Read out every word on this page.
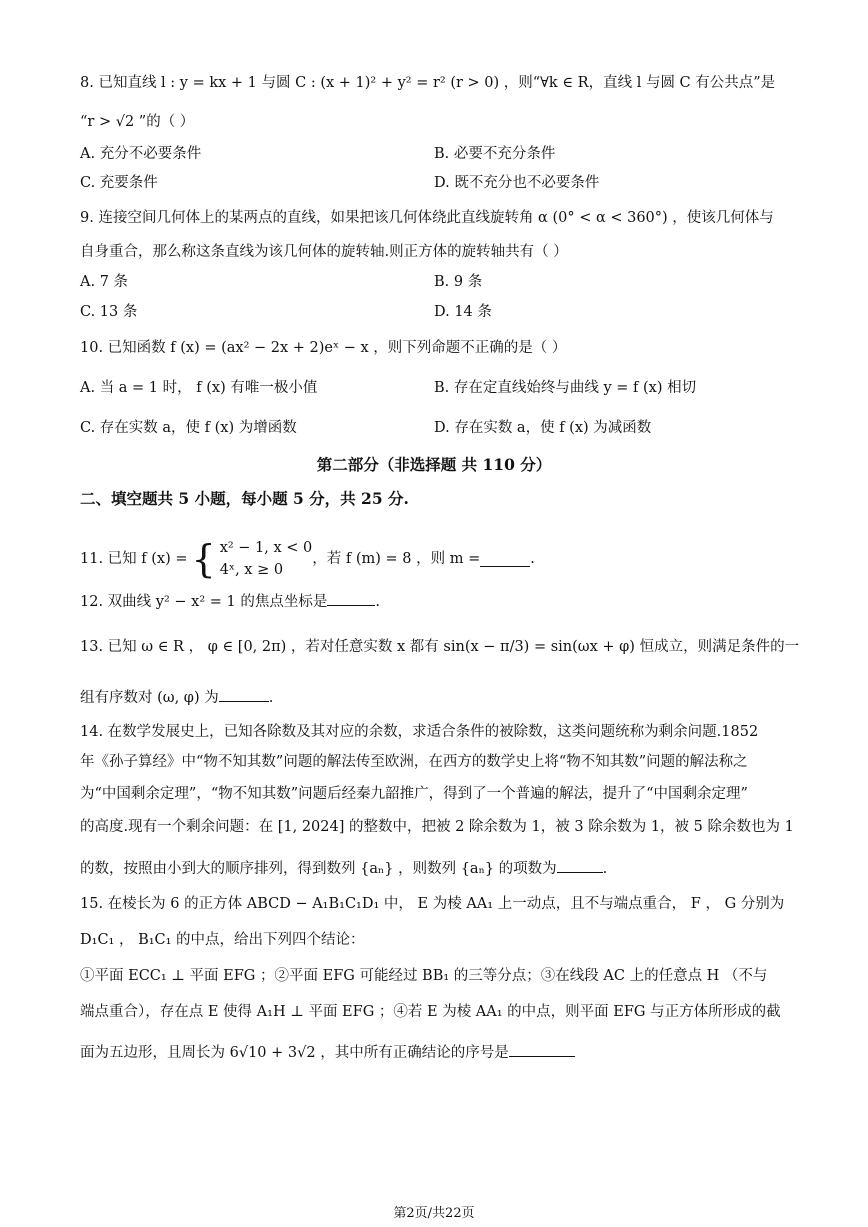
8. 已知直线 l : y = kx + 1 与圆 C : (x + 1)² + y² = r² (r > 0) ，则“∀k ∈ R，直线 l 与圆 C 有公共点”是
“r > √2 ”的（ ）
A. 充分不必要条件	B. 必要不充分条件
C. 充要条件	D. 既不充分也不必要条件
9. 连接空间几何体上的某两点的直线，如果把该几何体绕此直线旋转角 α (0° < α < 360°) ，使该几何体与
自身重合，那么称这条直线为该几何体的旋转轴.则正方体的旋转轴共有（ ）
A. 7 条	B. 9 条
C. 13 条	D. 14 条
10. 已知函数 f (x) = (ax² − 2x + 2)eˣ − x ，则下列命题不正确的是（ ）
A. 当 a = 1 时， f (x) 有唯一极小值	B. 存在定直线始终与曲线 y = f (x) 相切
C. 存在实数 a，使 f (x) 为增函数	D. 存在实数 a，使 f (x) 为减函数
第二部分（非选择题 共 110 分）
二、填空题共 5 小题，每小题 5 分，共 25 分.
11. 已知 f (x) = { x² − 1, x < 0
4ˣ, x ≥ 0
，若 f (m) = 8 ，则 m =	.
12. 双曲线 y² − x² = 1 的焦点坐标是	.
13. 已知 ω ∈ R ， φ ∈ [0, 2π) ，若对任意实数 x 都有 sin(x − π/3) = sin(ωx + φ) 恒成立，则满足条件的一
组有序数对 (ω, φ) 为	.
14. 在数学发展史上，已知各除数及其对应的余数，求适合条件的被除数，这类问题统称为剩余问题.1852
年《孙子算经》中“物不知其数”问题的解法传至欧洲，在西方的数学史上将“物不知其数”问题的解法称之
为“中国剩余定理”，“物不知其数”问题后经秦九韶推广，得到了一个普遍的解法，提升了“中国剩余定理”
的高度.现有一个剩余问题：在 [1, 2024] 的整数中，把被 2 除余数为 1，被 3 除余数为 1，被 5 除余数也为 1
的数，按照由小到大的顺序排列，得到数列 {aₙ} ，则数列 {aₙ} 的项数为	.
15. 在棱长为 6 的正方体 ABCD − A₁B₁C₁D₁ 中， E 为棱 AA₁ 上一动点，且不与端点重合， F ， G 分别为
D₁C₁ ， B₁C₁ 的中点，给出下列四个结论：
①平面 ECC₁ ⊥ 平面 EFG ；②平面 EFG 可能经过 BB₁ 的三等分点；③在线段 AC 上的任意点 H （不与
端点重合），存在点 E 使得 A₁H ⊥ 平面 EFG ；④若 E 为棱 AA₁ 的中点，则平面 EFG 与正方体所形成的截
面为五边形，且周长为 6√10 + 3√2 ，其中所有正确结论的序号是
第2页/共22页
